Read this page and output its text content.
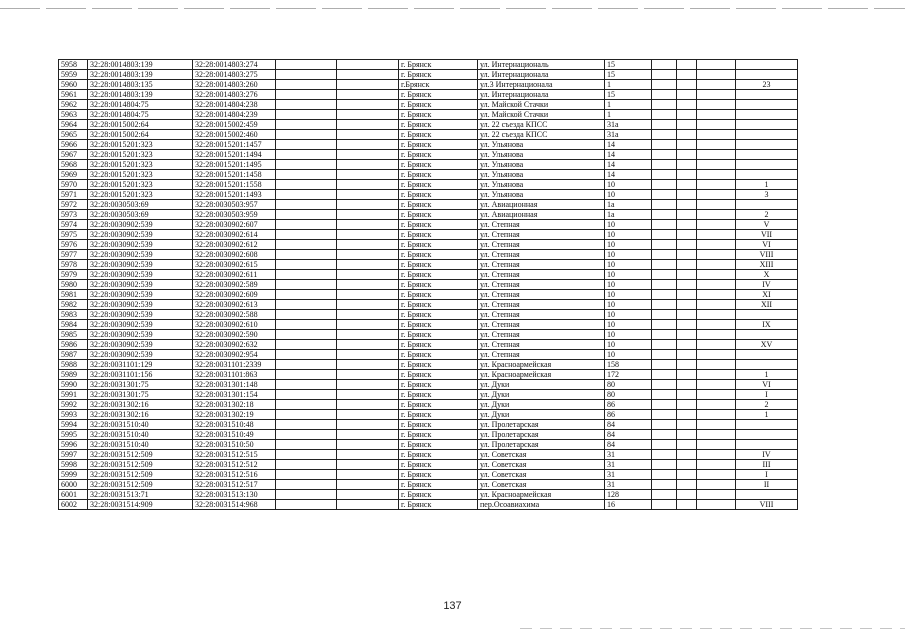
5958	32:28:0014803:139	32:28:0014803:274			г. Брянск	ул. Интернациональ	15				
5959	32:28:0014803:139	32:28:0014803:275			г. Брянск	ул. Интернационала	15				
5960	32:28:0014803:135	32:28:0014803:260			г.Брянск	ул.3 Интернационала	1				23
5961	32:28:0014803:139	32:28:0014803:276			г. Брянск	ул. Интернационала	15				
5962	32:28:0014804:75	32:28:0014804:238			г. Брянск	ул. Майской Стачки	1				
5963	32:28:0014804:75	32:28:0014804:239			г. Брянск	ул. Майской Стачки	1				
5964	32:28:0015002:64	32:28:0015002:459			г. Брянск	ул. 22 съезда КПСС	31а				
5965	32:28:0015002:64	32:28:0015002:460			г. Брянск	ул. 22 съезда КПСС	31а				
5966	32:28:0015201:323	32:28:0015201:1457			г. Брянск	ул. Ульянова	14				
5967	32:28:0015201:323	32:28:0015201:1494			г. Брянск	ул. Ульянова	14				
5968	32:28:0015201:323	32:28:0015201:1495			г. Брянск	ул. Ульянова	14				
5969	32:28:0015201:323	32:28:0015201:1458			г. Брянск	ул. Ульянова	14				
5970	32:28:0015201:323	32:28:0015201:1558			г. Брянск	ул. Ульянова	10				1
5971	32:28:0015201:323	32:28:0015201:1493			г. Брянск	ул. Ульянова	10				3
5972	32:28:0030503:69	32:28:0030503:957			г. Брянск	ул. Авиационная	1а				
5973	32:28:0030503:69	32:28:0030503:959			г. Брянск	ул. Авиационная	1а				2
5974	32:28:0030902:539	32:28:0030902:607			г. Брянск	ул. Степная	10				V
5975	32:28:0030902:539	32:28:0030902:614			г. Брянск	ул. Степная	10				VII
5976	32:28:0030902:539	32:28:0030902:612			г. Брянск	ул. Степная	10				VI
5977	32:28:0030902:539	32:28:0030902:608			г. Брянск	ул. Степная	10				VIII
5978	32:28:0030902:539	32:28:0030902:615			г. Брянск	ул. Степная	10				XIII
5979	32:28:0030902:539	32:28:0030902:611			г. Брянск	ул. Степная	10				X
5980	32:28:0030902:539	32:28:0030902:589			г. Брянск	ул. Степная	10				IV
5981	32:28:0030902:539	32:28:0030902:609			г. Брянск	ул. Степная	10				XI
5982	32:28:0030902:539	32:28:0030902:613			г. Брянск	ул. Степная	10				XII
5983	32:28:0030902:539	32:28:0030902:588			г. Брянск	ул. Степная	10				
5984	32:28:0030902:539	32:28:0030902:610			г. Брянск	ул. Степная	10				IX
5985	32:28:0030902:539	32:28:0030902:590			г. Брянск	ул. Степная	10				
5986	32:28:0030902:539	32:28:0030902:632			г. Брянск	ул. Степная	10				XV
5987	32:28:0030902:539	32:28:0030902:954			г. Брянск	ул. Степная	10				
5988	32:28:0031101:129	32:28:0031101:2339			г. Брянск	ул. Красноармейская	158				
5989	32:28:0031101:156	32:28:0031101:863			г. Брянск	ул. Красноармейская	172				1
5990	32:28:0031301:75	32:28:0031301:148			г. Брянск	ул. Дуки	80				VI
5991	32:28:0031301:75	32:28:0031301:154			г. Брянск	ул. Дуки	80				I
5992	32:28:0031302:16	32:28:0031302:18			г. Брянск	ул. Дуки	86				2
5993	32:28:0031302:16	32:28:0031302:19			г. Брянск	ул. Дуки	86				1
5994	32:28:0031510:40	32:28:0031510:48			г. Брянск	ул. Пролетарская	84				
5995	32:28:0031510:40	32:28:0031510:49			г. Брянск	ул. Пролетарская	84				
5996	32:28:0031510:40	32:28:0031510:50			г. Брянск	ул. Пролетарская	84				
5997	32:28:0031512:509	32:28:0031512:515			г. Брянск	ул. Советская	31				IV
5998	32:28:0031512:509	32:28:0031512:512			г. Брянск	ул. Советская	31				III
5999	32:28:0031512:509	32:28:0031512:516			г. Брянск	ул. Советская	31				I
6000	32:28:0031512:509	32:28:0031512:517			г. Брянск	ул. Советская	31				II
6001	32:28:0031513:71	32:28:0031513:130			г. Брянск	ул. Красноармейская	128				
6002	32:28:0031514:909	32:28:0031514:968			г. Брянск	пер.Осоавиахима	16				VIII
137
